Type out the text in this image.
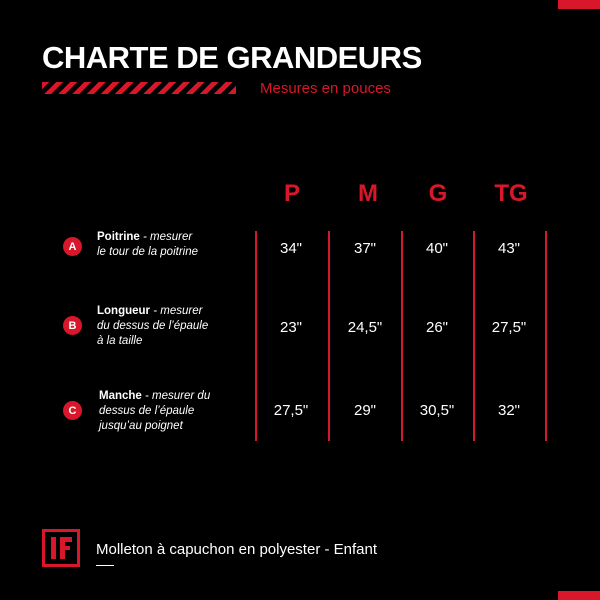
CHARTE DE GRANDEURS
Mesures en pouces
P	M	G	TG
A
Poitrine - mesurer
le tour de la poitrine	34"	37"	40"	43"
B
Longueur - mesurer
du dessus de l’épaule
à la taille
23"	24,5"	26"	27,5"
C
Manche - mesurer du
dessus de l’épaule
jusqu’au poignet
27,5"	29"	30,5"	32"
Molleton à capuchon en polyester - Enfant
